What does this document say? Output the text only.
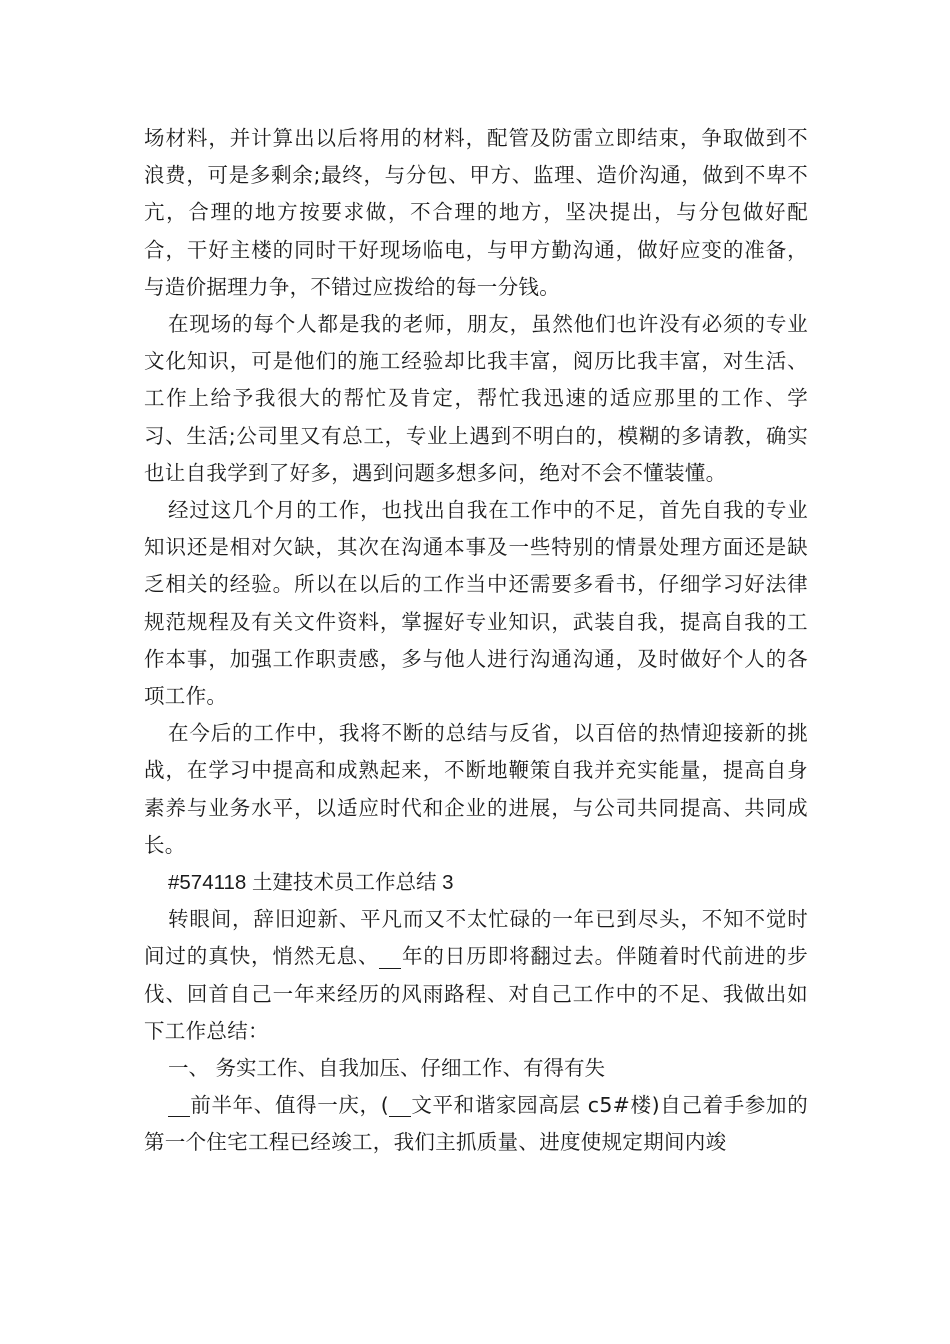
场材料，并计算出以后将用的材料，配管及防雷立即结束，争取做到不浪费，可是多剩余;最终，与分包、甲方、监理、造价沟通，做到不卑不亢，合理的地方按要求做，不合理的地方，坚决提出，与分包做好配合，干好主楼的同时干好现场临电，与甲方勤沟通，做好应变的准备，与造价据理力争，不错过应拨给的每一分钱。

在现场的每个人都是我的老师，朋友，虽然他们也许没有必须的专业文化知识，可是他们的施工经验却比我丰富，阅历比我丰富，对生活、工作上给予我很大的帮忙及肯定，帮忙我迅速的适应那里的工作、学习、生活;公司里又有总工，专业上遇到不明白的，模糊的多请教，确实也让自我学到了好多，遇到问题多想多问，绝对不会不懂装懂。

经过这几个月的工作，也找出自我在工作中的不足，首先自我的专业知识还是相对欠缺，其次在沟通本事及一些特别的情景处理方面还是缺乏相关的经验。所以在以后的工作当中还需要多看书，仔细学习好法律规范规程及有关文件资料，掌握好专业知识，武装自我，提高自我的工作本事，加强工作职责感，多与他人进行沟通沟通，及时做好个人的各项工作。

在今后的工作中，我将不断的总结与反省，以百倍的热情迎接新的挑战，在学习中提高和成熟起来，不断地鞭策自我并充实能量，提高自身素养与业务水平，以适应时代和企业的进展，与公司共同提高、共同成长。

#574118 土建技术员工作总结 3

转眼间，辞旧迎新、平凡而又不太忙碌的一年已到尽头，不知不觉时间过的真快，悄然无息、 年的日历即将翻过去。伴随着时代前进的步伐、回首自己一年来经历的风雨路程、对自己工作中的不足、我做出如下工作总结：

一、 务实工作、自我加压、仔细工作、有得有失

前半年、值得一庆，( 文平和谐家园高层 c5#楼)自己着手参加的第一个住宅工程已经竣工，我们主抓质量、进度使规定期间内竣
